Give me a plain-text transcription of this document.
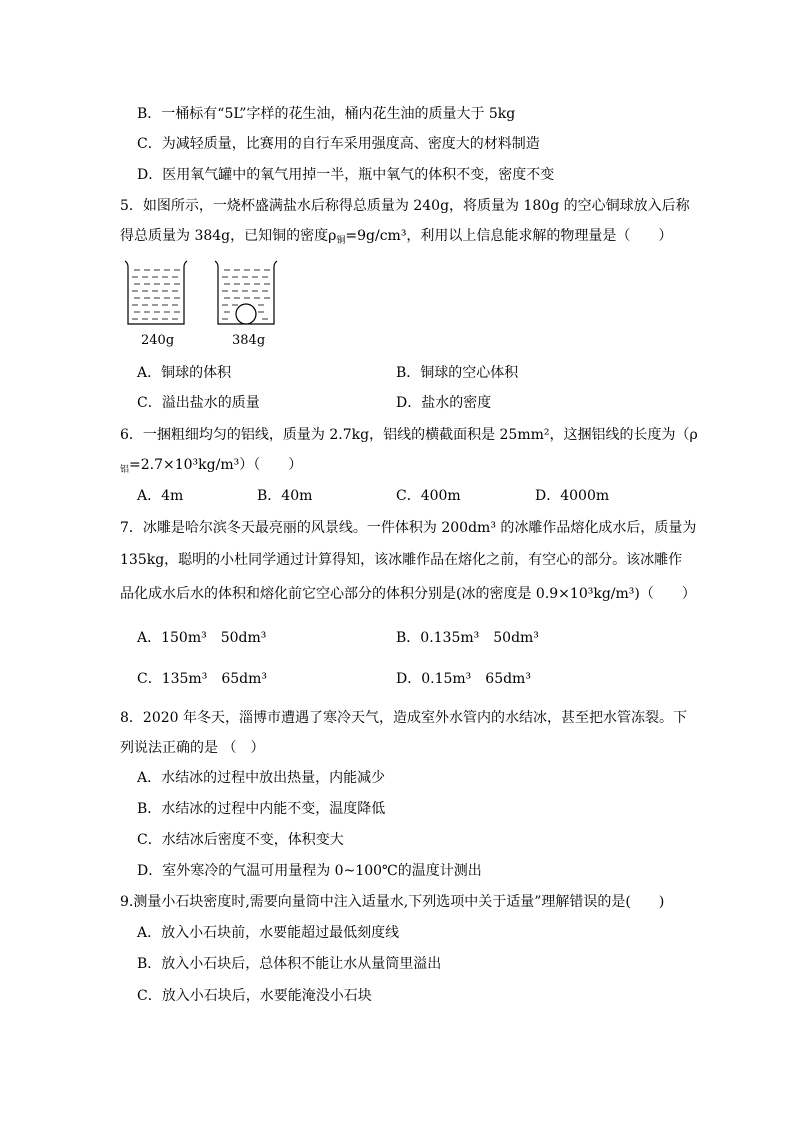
B．一桶标有“5L”字样的花生油，桶内花生油的质量大于 5kg
C．为减轻质量，比赛用的自行车采用强度高、密度大的材料制造
D．医用氧气罐中的氧气用掉一半，瓶中氧气的体积不变，密度不变
5．如图所示，一烧杯盛满盐水后称得总质量为 240g，将质量为 180g 的空心铜球放入后称
得总质量为 384g，已知铜的密度$\rho_铜=9g$/cm³，利用以上信息能求解的物理量是（　　）
240g	384g
A．铜球的体积	B．铜球的空心体积
C．溢出盐水的质量	D．盐水的密度
6．一捆粗细均匀的铝线，质量为 2.7kg，铝线的横截面积是 25mm²，这捆铝线的长度为（ρ
$_铝$=2.7×10³kg/m³）（　　）
A．4m	B．40m	C．400m	D．4000m
7．冰雕是哈尔滨冬天最亮丽的风景线。一件体积为 200dm³ 的冰雕作品熔化成水后，质量为
135kg，聪明的小杜同学通过计算得知，该冰雕作品在熔化之前，有空心的部分。该冰雕作
品化成水后水的体积和熔化前它空心部分的体积分别是(冰的密度是 0.9×10³kg/m³)（　　）
A．150m³　50dm³	B．0.135m³　50dm³
C．135m³　65dm³	D．0.15m³　65dm³
8．2020 年冬天，淄博市遭遇了寒冷天气，造成室外水管内的水结冰，甚至把水管冻裂。下
列说法正确的是 （　）
A．水结冰的过程中放出热量，内能减少
B．水结冰的过程中内能不变，温度降低
C．水结冰后密度不变，体积变大
D．室外寒冷的气温可用量程为 0~100℃的温度计测出
9.测量小石块密度时,需要向量筒中注入适量水,下列选项中关于适量”理解错误的是(　　)
A．放入小石块前，水要能超过最低刻度线
B．放入小石块后，总体积不能让水从量筒里溢出
C．放入小石块后，水要能淹没小石块
